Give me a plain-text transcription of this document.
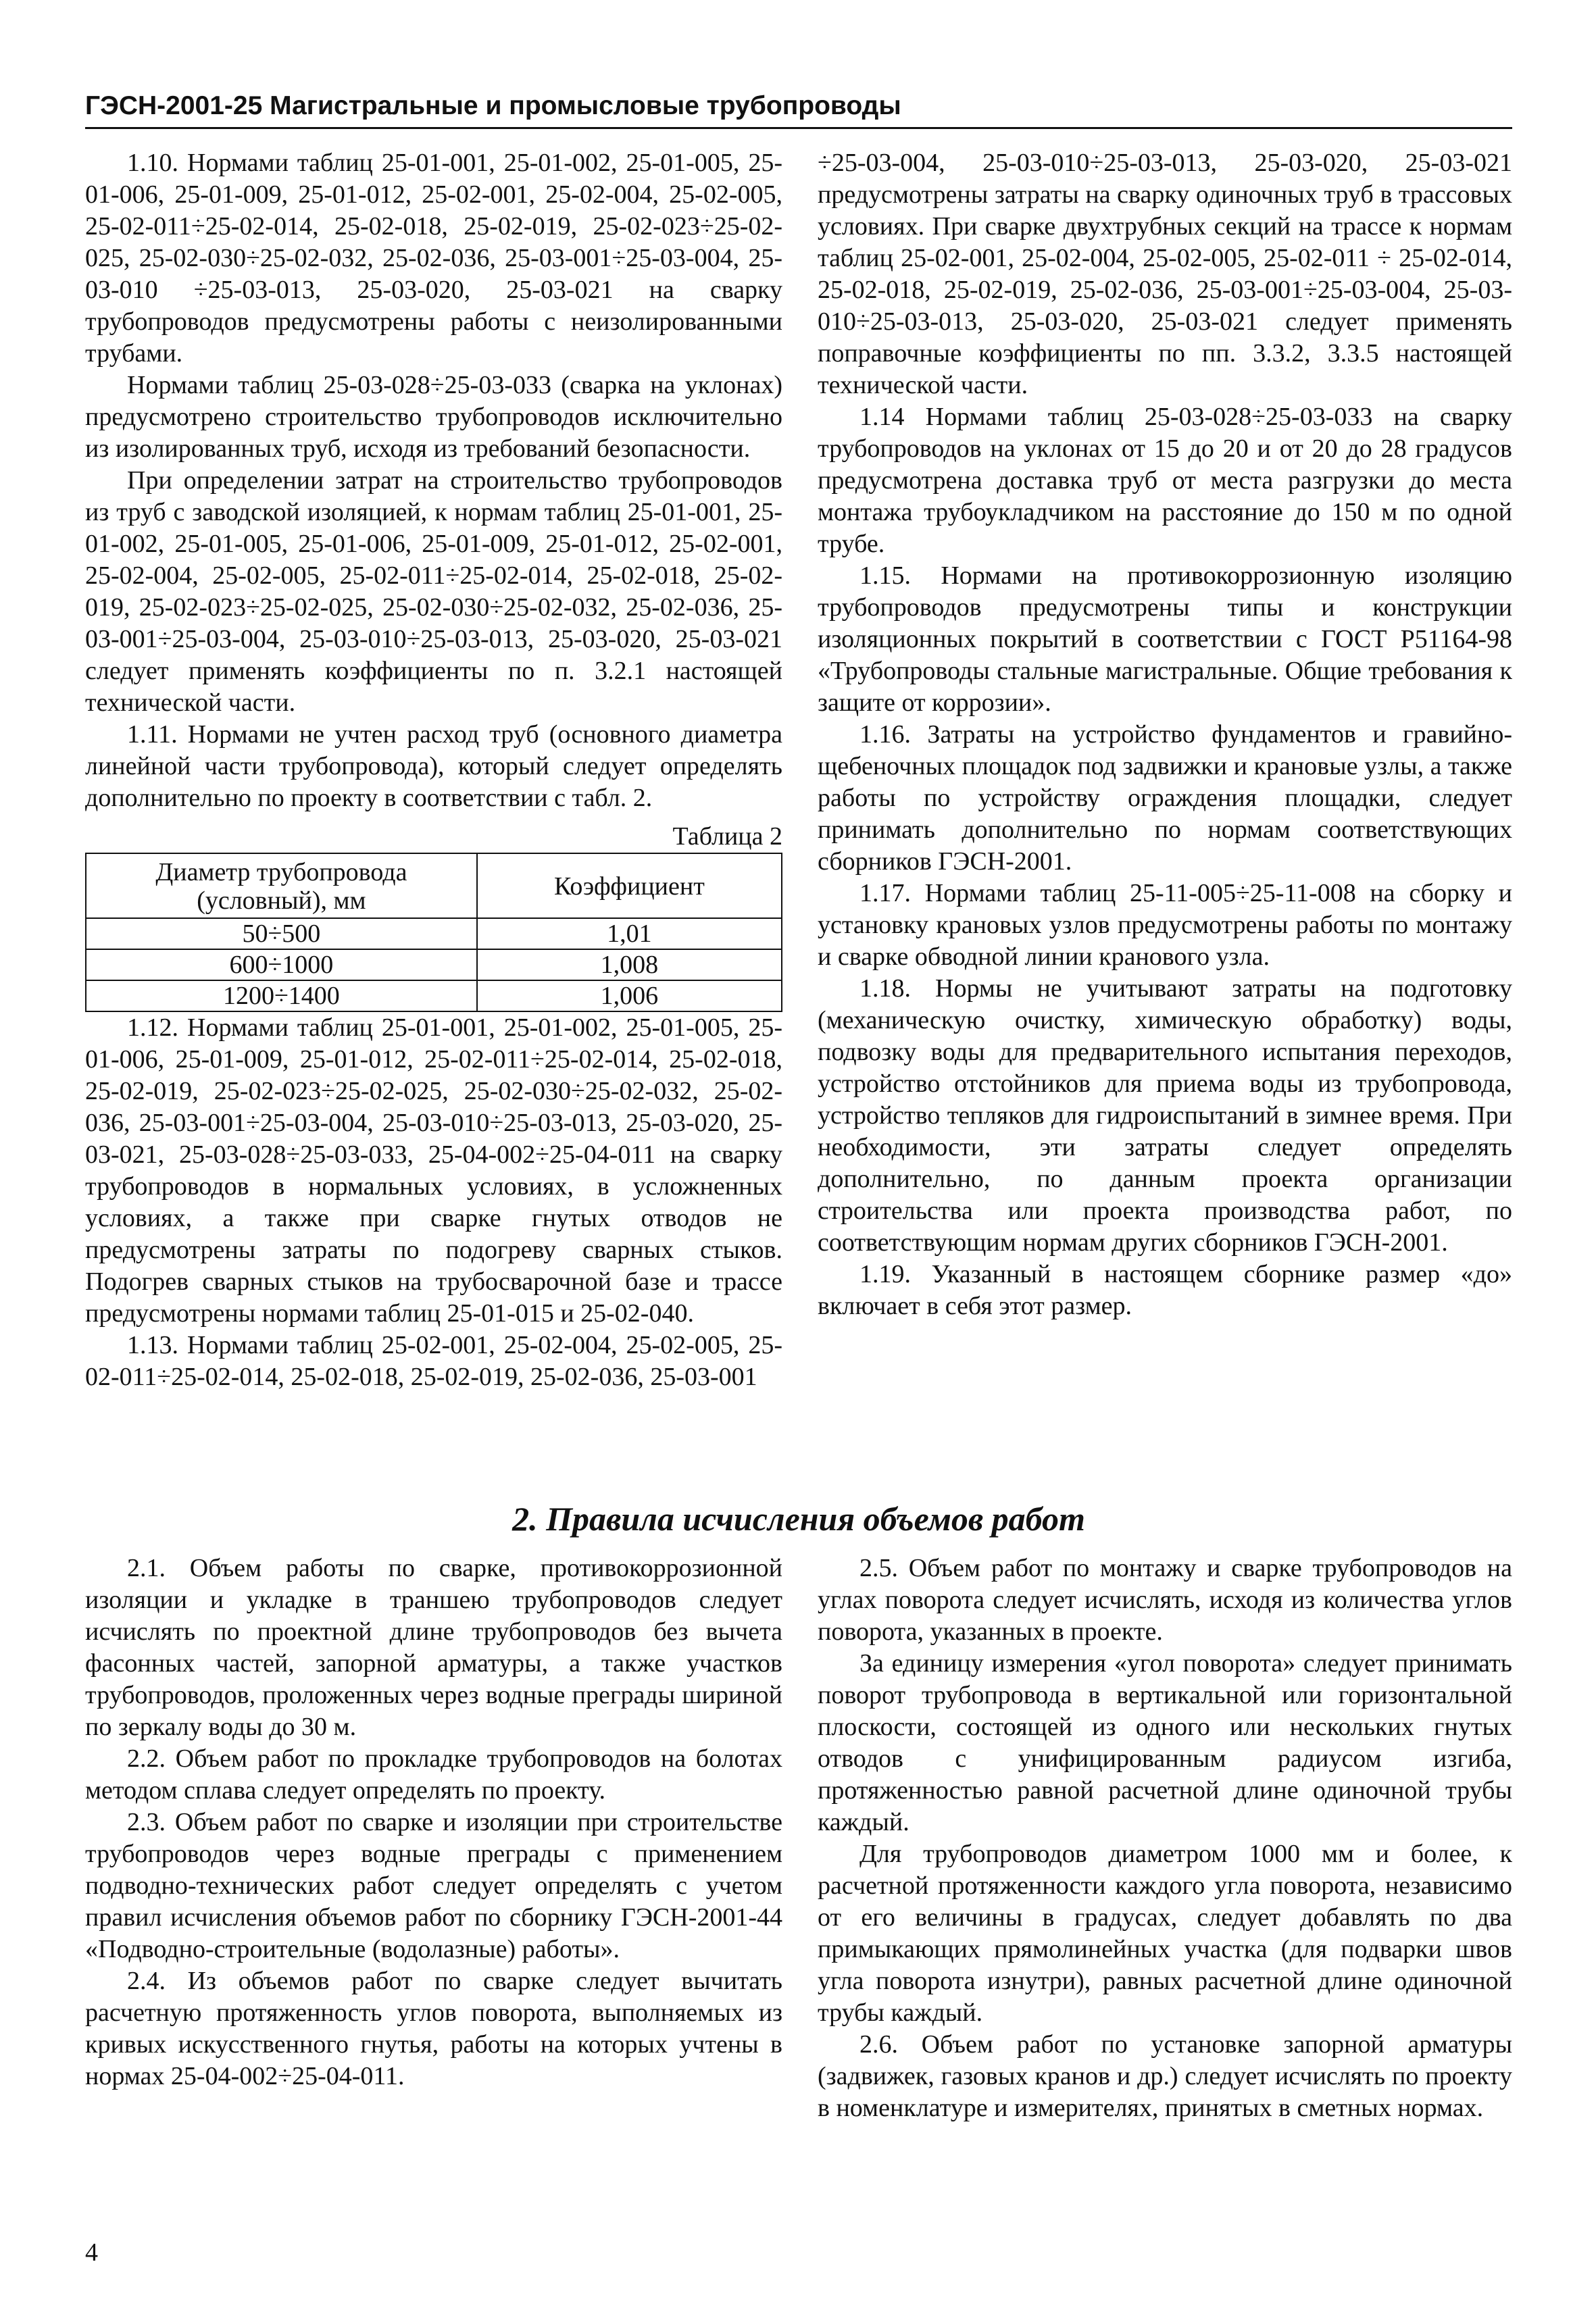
ГЭСН-2001-25 Магистральные и промысловые трубопроводы

1.10. Нормами таблиц 25-01-001, 25-01-002, 25-01-005, 25-01-006, 25-01-009, 25-01-012, 25-02-001, 25-02-004, 25-02-005, 25-02-011÷25-02-014, 25-02-018, 25-02-019, 25-02-023÷25-02-025, 25-02-030÷25-02-032, 25-02-036, 25-03-001÷25-03-004, 25-03-010 ÷25-03-013, 25-03-020, 25-03-021 на сварку трубопроводов предусмотрены работы с неизолированными трубами.

Нормами таблиц 25-03-028÷25-03-033 (сварка на уклонах) предусмотрено строительство трубопроводов исключительно из изолированных труб, исходя из требований безопасности.

При определении затрат на строительство трубопроводов из труб с заводской изоляцией, к нормам таблиц 25-01-001, 25-01-002, 25-01-005, 25-01-006, 25-01-009, 25-01-012, 25-02-001, 25-02-004, 25-02-005, 25-02-011÷25-02-014, 25-02-018, 25-02-019, 25-02-023÷25-02-025, 25-02-030÷25-02-032, 25-02-036, 25-03-001÷25-03-004, 25-03-010÷25-03-013, 25-03-020, 25-03-021 следует применять коэффициенты по п. 3.2.1 настоящей технической части.

1.11. Нормами не учтен расход труб (основного диаметра линейной части трубопровода), который следует определять дополнительно по проекту в соответствии с табл. 2.

Таблица 2
Диаметр трубопровода (условный), мм	Коэффициент
50÷500	1,01
600÷1000	1,008
1200÷1400	1,006

1.12. Нормами таблиц 25-01-001, 25-01-002, 25-01-005, 25-01-006, 25-01-009, 25-01-012, 25-02-011÷25-02-014, 25-02-018, 25-02-019, 25-02-023÷25-02-025, 25-02-030÷25-02-032, 25-02-036, 25-03-001÷25-03-004, 25-03-010÷25-03-013, 25-03-020, 25-03-021, 25-03-028÷25-03-033, 25-04-002÷25-04-011 на сварку трубопроводов в нормальных условиях, в усложненных условиях, а также при сварке гнутых отводов не предусмотрены затраты по подогреву сварных стыков. Подогрев сварных стыков на трубосварочной базе и трассе предусмотрены нормами таблиц 25-01-015 и 25-02-040.

1.13. Нормами таблиц 25-02-001, 25-02-004, 25-02-005, 25-02-011÷25-02-014, 25-02-018, 25-02-019, 25-02-036, 25-03-001

÷25-03-004, 25-03-010÷25-03-013, 25-03-020, 25-03-021 предусмотрены затраты на сварку одиночных труб в трассовых условиях. При сварке двухтрубных секций на трассе к нормам таблиц 25-02-001, 25-02-004, 25-02-005, 25-02-011 ÷ 25-02-014, 25-02-018, 25-02-019, 25-02-036, 25-03-001÷25-03-004, 25-03-010÷25-03-013, 25-03-020, 25-03-021 следует применять поправочные коэффициенты по пп. 3.3.2, 3.3.5 настоящей технической части.

1.14 Нормами таблиц 25-03-028÷25-03-033 на сварку трубопроводов на уклонах от 15 до 20 и от 20 до 28 градусов предусмотрена доставка труб от места разгрузки до места монтажа трубоукладчиком на расстояние до 150 м по одной трубе.

1.15. Нормами на противокоррозионную изоляцию трубопроводов предусмотрены типы и конструкции изоляционных покрытий в соответствии с ГОСТ Р51164-98 «Трубопроводы стальные магистральные. Общие требования к защите от коррозии».

1.16. Затраты на устройство фундаментов и гравийно-щебеночных площадок под задвижки и крановые узлы, а также работы по устройству ограждения площадки, следует принимать дополнительно по нормам соответствующих сборников ГЭСН-2001.

1.17. Нормами таблиц 25-11-005÷25-11-008 на сборку и установку крановых узлов предусмотрены работы по монтажу и сварке обводной линии кранового узла.

1.18. Нормы не учитывают затраты на подготовку (механическую очистку, химическую обработку) воды, подвозку воды для предварительного испытания переходов, устройство отстойников для приема воды из трубопровода, устройство тепляков для гидроиспытаний в зимнее время. При необходимости, эти затраты следует определять дополнительно, по данным проекта организации строительства или проекта производства работ, по соответствующим нормам других сборников ГЭСН-2001.

1.19. Указанный в настоящем сборнике размер «до» включает в себя этот размер.

2. Правила исчисления объемов работ

2.1. Объем работы по сварке, противокоррозионной изоляции и укладке в траншею трубопроводов следует исчислять по проектной длине трубопроводов без вычета фасонных частей, запорной арматуры, а также участков трубопроводов, проложенных через водные преграды шириной по зеркалу воды до 30 м.

2.2. Объем работ по прокладке трубопроводов на болотах методом сплава следует определять по проекту.

2.3. Объем работ по сварке и изоляции при строительстве трубопроводов через водные преграды с применением подводно-технических работ следует определять с учетом правил исчисления объемов работ по сборнику ГЭСН-2001-44 «Подводно-строительные (водолазные) работы».

2.4. Из объемов работ по сварке следует вычитать расчетную протяженность углов поворота, выполняемых из кривых искусственного гнутья, работы на которых учтены в нормах 25-04-002÷25-04-011.

2.5. Объем работ по монтажу и сварке трубопроводов на углах поворота следует исчислять, исходя из количества углов поворота, указанных в проекте.

За единицу измерения «угол поворота» следует принимать поворот трубопровода в вертикальной или горизонтальной плоскости, состоящей из одного или нескольких гнутых отводов с унифицированным радиусом изгиба, протяженностью равной расчетной длине одиночной трубы каждый.

Для трубопроводов диаметром 1000 мм и более, к расчетной протяженности каждого угла поворота, независимо от его величины в градусах, следует добавлять по два примыкающих прямолинейных участка (для подварки швов угла поворота изнутри), равных расчетной длине одиночной трубы каждый.

2.6. Объем работ по установке запорной арматуры (задвижек, газовых кранов и др.) следует исчислять по проекту в номенклатуре и измерителях, принятых в сметных нормах.

4
